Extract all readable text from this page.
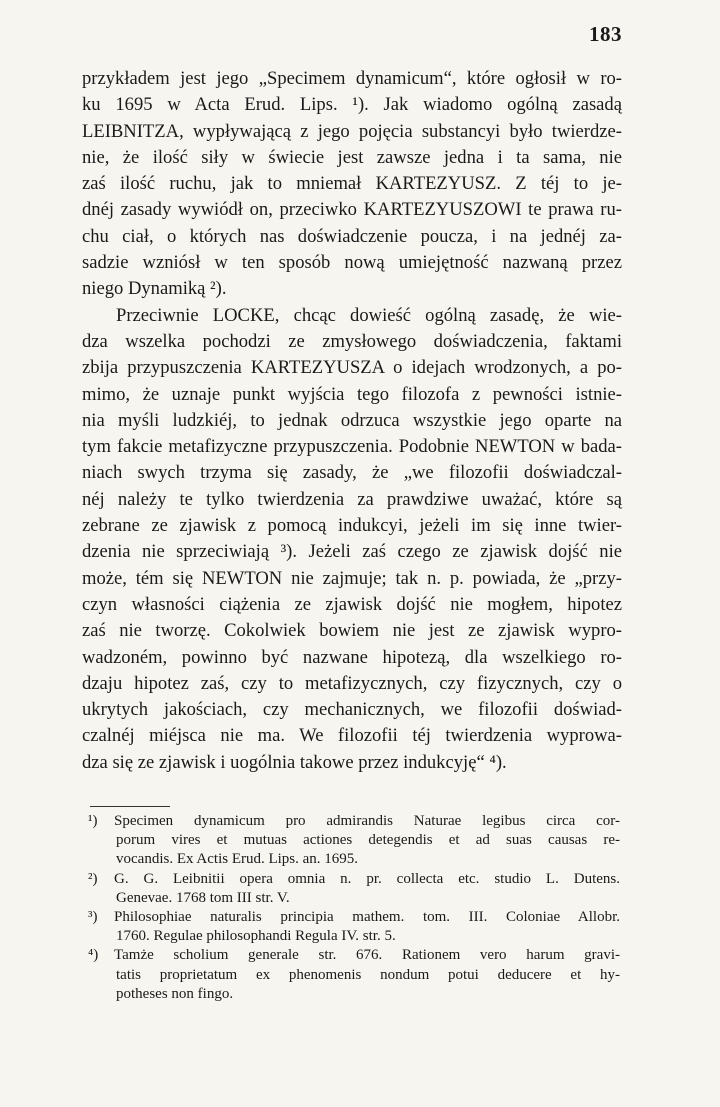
183
przykładem jest jego „Specimem dynamicum“, które ogłosił w ro-
ku 1695 w Acta Erud. Lips. ¹). Jak wiadomo ogólną zasadą
LEIBNITZA, wypływającą z jego pojęcia substancyi było twierdze-
nie, że ilość siły w świecie jest zawsze jedna i ta sama, nie
zaś ilość ruchu, jak to mniemał KARTEZYUSZ. Z téj to je-
dnéj zasady wywiódł on, przeciwko KARTEZYUSZOWI te prawa ru-
chu ciał, o których nas doświadczenie poucza, i na jednéj za-
sadzie wzniósł w ten sposób nową umiejętność nazwaną przez
niego Dynamiką ²).
Przeciwnie LOCKE, chcąc dowieść ogólną zasadę, że wie-
dza wszelka pochodzi ze zmysłowego doświadczenia, faktami
zbija przypuszczenia KARTEZYUSZA o idejach wrodzonych, a po-
mimo, że uznaje punkt wyjścia tego filozofa z pewności istnie-
nia myśli ludzkiéj, to jednak odrzuca wszystkie jego oparte na
tym fakcie metafizyczne przypuszczenia. Podobnie NEWTON w bada-
niach swych trzyma się zasady, że „we filozofii doświadczal-
néj należy te tylko twierdzenia za prawdziwe uważać, które są
zebrane ze zjawisk z pomocą indukcyi, jeżeli im się inne twier-
dzenia nie sprzeciwiają ³). Jeżeli zaś czego ze zjawisk dojść nie
może, tém się NEWTON nie zajmuje; tak n. p. powiada, że „przy-
czyn własności ciążenia ze zjawisk dojść nie mogłem, hipotez
zaś nie tworzę. Cokolwiek bowiem nie jest ze zjawisk wypro-
wadzoném, powinno być nazwane hipotezą, dla wszelkiego ro-
dzaju hipotez zaś, czy to metafizycznych, czy fizycznych, czy o
ukrytych jakościach, czy mechanicznych, we filozofii doświad-
czalnéj miéjsca nie ma. We filozofii téj twierdzenia wyprowa-
dza się ze zjawisk i uogólnia takowe przez indukcyję“ ⁴).
¹) Specimen dynamicum pro admirandis Naturae legibus circa cor-
porum vires et mutuas actiones detegendis et ad suas causas re-
vocandis. Ex Actis Erud. Lips. an. 1695.
²) G. G. Leibnitii opera omnia n. pr. collecta etc. studio L. Dutens.
Genevae. 1768 tom III str. V.
³) Philosophiae naturalis principia mathem. tom. III. Coloniae Allobr.
1760. Regulae philosophandi Regula IV. str. 5.
⁴) Tamże scholium generale str. 676. Rationem vero harum gravi-
tatis proprietatum ex phenomenis nondum potui deducere et hy-
potheses non fingo.
